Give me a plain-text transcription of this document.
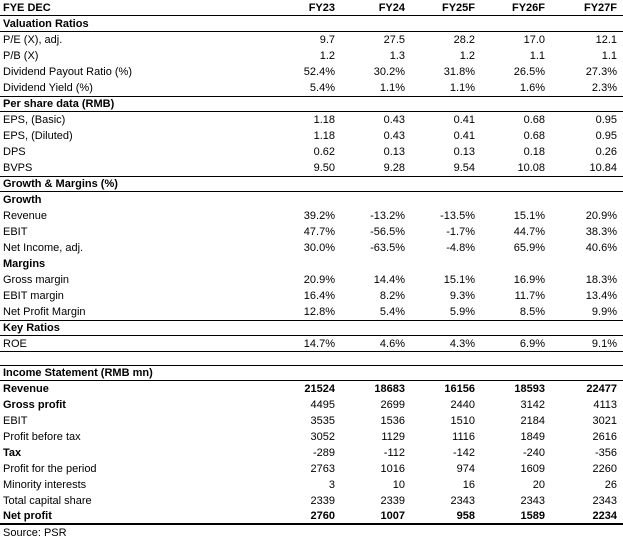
FYE DEC	FY23	FY24	FY25F	FY26F	FY27F
Valuation Ratios
P/E (X), adj.	9.7	27.5	28.2	17.0	12.1
P/B (X)	1.2	1.3	1.2	1.1	1.1
Dividend Payout Ratio (%)	52.4%	30.2%	31.8%	26.5%	27.3%
Dividend Yield (%)	5.4%	1.1%	1.1%	1.6%	2.3%
Per share data (RMB)
EPS, (Basic)	1.18	0.43	0.41	0.68	0.95
EPS, (Diluted)	1.18	0.43	0.41	0.68	0.95
DPS	0.62	0.13	0.13	0.18	0.26
BVPS	9.50	9.28	9.54	10.08	10.84
Growth & Margins (%)
Growth
Revenue	39.2%	-13.2%	-13.5%	15.1%	20.9%
EBIT	47.7%	-56.5%	-1.7%	44.7%	38.3%
Net Income, adj.	30.0%	-63.5%	-4.8%	65.9%	40.6%
Margins
Gross margin	20.9%	14.4%	15.1%	16.9%	18.3%
EBIT margin	16.4%	8.2%	9.3%	11.7%	13.4%
Net Profit Margin	12.8%	5.4%	5.9%	8.5%	9.9%
Key Ratios
ROE	14.7%	4.6%	4.3%	6.9%	9.1%
Income Statement (RMB mn)
Revenue	21524	18683	16156	18593	22477
Gross profit	4495	2699	2440	3142	4113
EBIT	3535	1536	1510	2184	3021
Profit before tax	3052	1129	1116	1849	2616
Tax	-289	-112	-142	-240	-356
Profit for the period	2763	1016	974	1609	2260
Minority interests	3	10	16	20	26
Total capital share	2339	2339	2343	2343	2343
Net profit	2760	1007	958	1589	2234
Source: PSR
